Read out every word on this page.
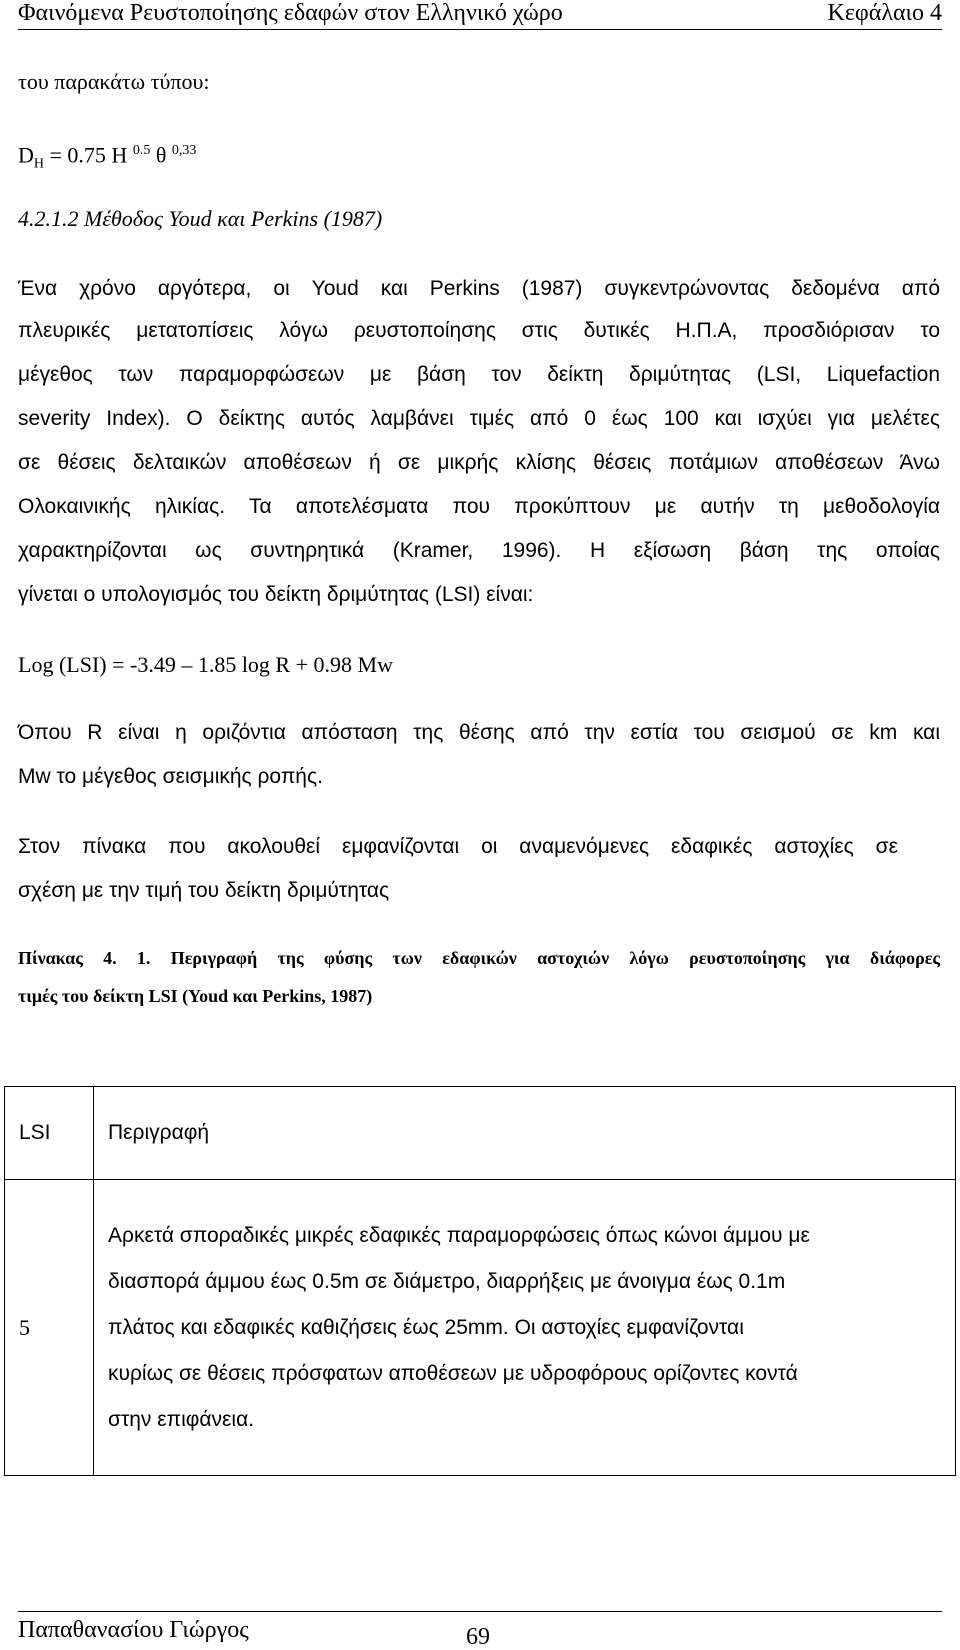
Φαινόμενα Ρευστοποίησης εδαφών στον Ελληνικό χώρο	Κεφάλαιο 4
του παρακάτω τύπου:
$D_H = 0.75$ H $^{0.5}$ θ $^{0,33}$
4.2.1.2 Μέθοδος Youd και Perkins (1987)
Ένα χρόνο αργότερα, οι Youd και Perkins (1987) συγκεντρώνοντας δεδομένα από
πλευρικές μετατοπίσεις λόγω ρευστοποίησης στις δυτικές Η.Π.Α, προσδιόρισαν το
μέγεθος των παραμορφώσεων με βάση τον δείκτη δριμύτητας (LSI, Liquefaction
severity Index). Ο δείκτης αυτός λαμβάνει τιμές από 0 έως 100 και ισχύει για μελέτες
σε θέσεις δελταικών αποθέσεων ή σε μικρής κλίσης θέσεις ποτάμιων αποθέσεων Άνω
Ολοκαινικής ηλικίας. Τα αποτελέσματα που προκύπτουν με αυτήν τη μεθοδολογία
χαρακτηρίζονται ως συντηρητικά (Kramer, 1996). Η εξίσωση βάση της οποίας
γίνεται ο υπολογισμός του δείκτη δριμύτητας (LSI) είναι:
Log (LSI) = -3.49 – 1.85 log R + 0.98 Mw
Όπου R είναι η οριζόντια απόσταση της θέσης από την εστία του σεισμού σε km και
Mw το μέγεθος σεισμικής ροπής.
Στον πίνακα που ακολουθεί εμφανίζονται οι αναμενόμενες εδαφικές αστοχίες σε
σχέση με την τιμή του δείκτη δριμύτητας
Πίνακας 4. 1. Περιγραφή της φύσης των εδαφικών αστοχιών λόγω ρευστοποίησης για διάφορες
τιμές του δείκτη LSI (Youd και Perkins, 1987)
LSI	Περιγραφή
5	Αρκετά σποραδικές μικρές εδαφικές παραμορφώσεις όπως κώνοι άμμου με
διασπορά άμμου έως 0.5m σε διάμετρο, διαρρήξεις με άνοιγμα έως 0.1m
πλάτος και εδαφικές καθιζήσεις έως 25mm. Οι αστοχίες εμφανίζονται
κυρίως σε θέσεις πρόσφατων αποθέσεων με υδροφόρους ορίζοντες κοντά
στην επιφάνεια.
Παπαθανασίου Γιώργος	69
